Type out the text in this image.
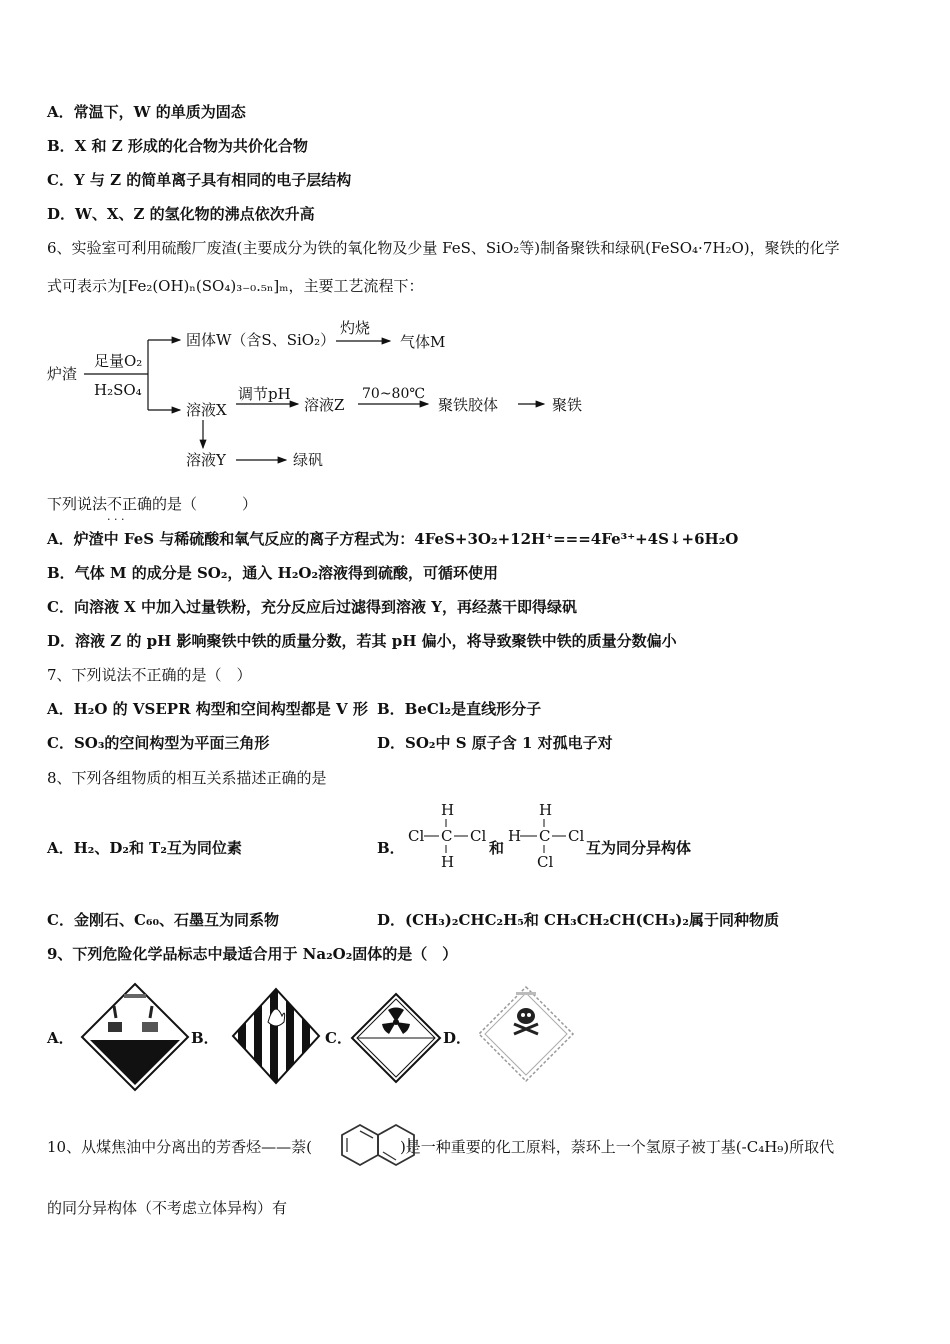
A．常温下，W 的单质为固态
B．X 和 Z 形成的化合物为共价化合物
C．Y 与 Z 的简单离子具有相同的电子层结构
D．W、X、Z 的氢化物的沸点依次升高
6、实验室可利用硫酸厂废渣(主要成分为铁的氧化物及少量 FeS、SiO₂等)制备聚铁和绿矾(FeSO₄·7H₂O)，聚铁的化学
式可表示为[Fe₂(OH)ₙ(SO₄)₃₋₀.₅ₙ]ₘ，主要工艺流程下：
炉渣
足量O₂
H₂SO₄
固体W（含S、SiO₂）
灼烧
气体M
溶液X
调节pH
溶液Z
70~80℃
聚铁胶体	聚铁
溶液Y	绿矾
下列说法不正确 · ·的是（　　　）
A．炉渣中 FeS 与稀硫酸和氧气反应的离子方程式为：4FeS+3O₂+12H⁺===4Fe³⁺+4S↓+6H₂O
B．气体 M 的成分是 SO₂，通入 H₂O₂溶液得到硫酸，可循环使用
C．向溶液 X 中加入过量铁粉，充分反应后过滤得到溶液 Y，再经蒸干即得绿矾
D．溶液 Z 的 pH 影响聚铁中铁的质量分数，若其 pH 偏小，将导致聚铁中铁的质量分数偏小
7、下列说法不正确的是（　）
A．H₂O 的 VSEPR 构型和空间构型都是 V 形 B．BeCl₂是直线形分子
C．SO₃的空间构型为平面三角形	D．SO₂中 S 原子含 1 对孤电子对
8、下列各组物质的相互关系描述正确的是
A．H₂、D₂和 T₂互为同位素	B．
H
Cl C Cl
H
和
H
H C Cl
Cl
互为同分异构体
C．金刚石、C₆₀、石墨互为同系物	D．(CH₃)₂CHC₂H₅和 CH₃CH₂CH(CH₃)₂属于同种物质
9、下列危险化学品标志中最适合用于 Na₂O₂固体的是（　）
A．	B．	C．	D．
10、从煤焦油中分离出的芳香烃——萘(	)是一种重要的化工原料，萘环上一个氢原子被丁基(-C₄H₉)所取代
的同分异构体（不考虑立体异构）有
